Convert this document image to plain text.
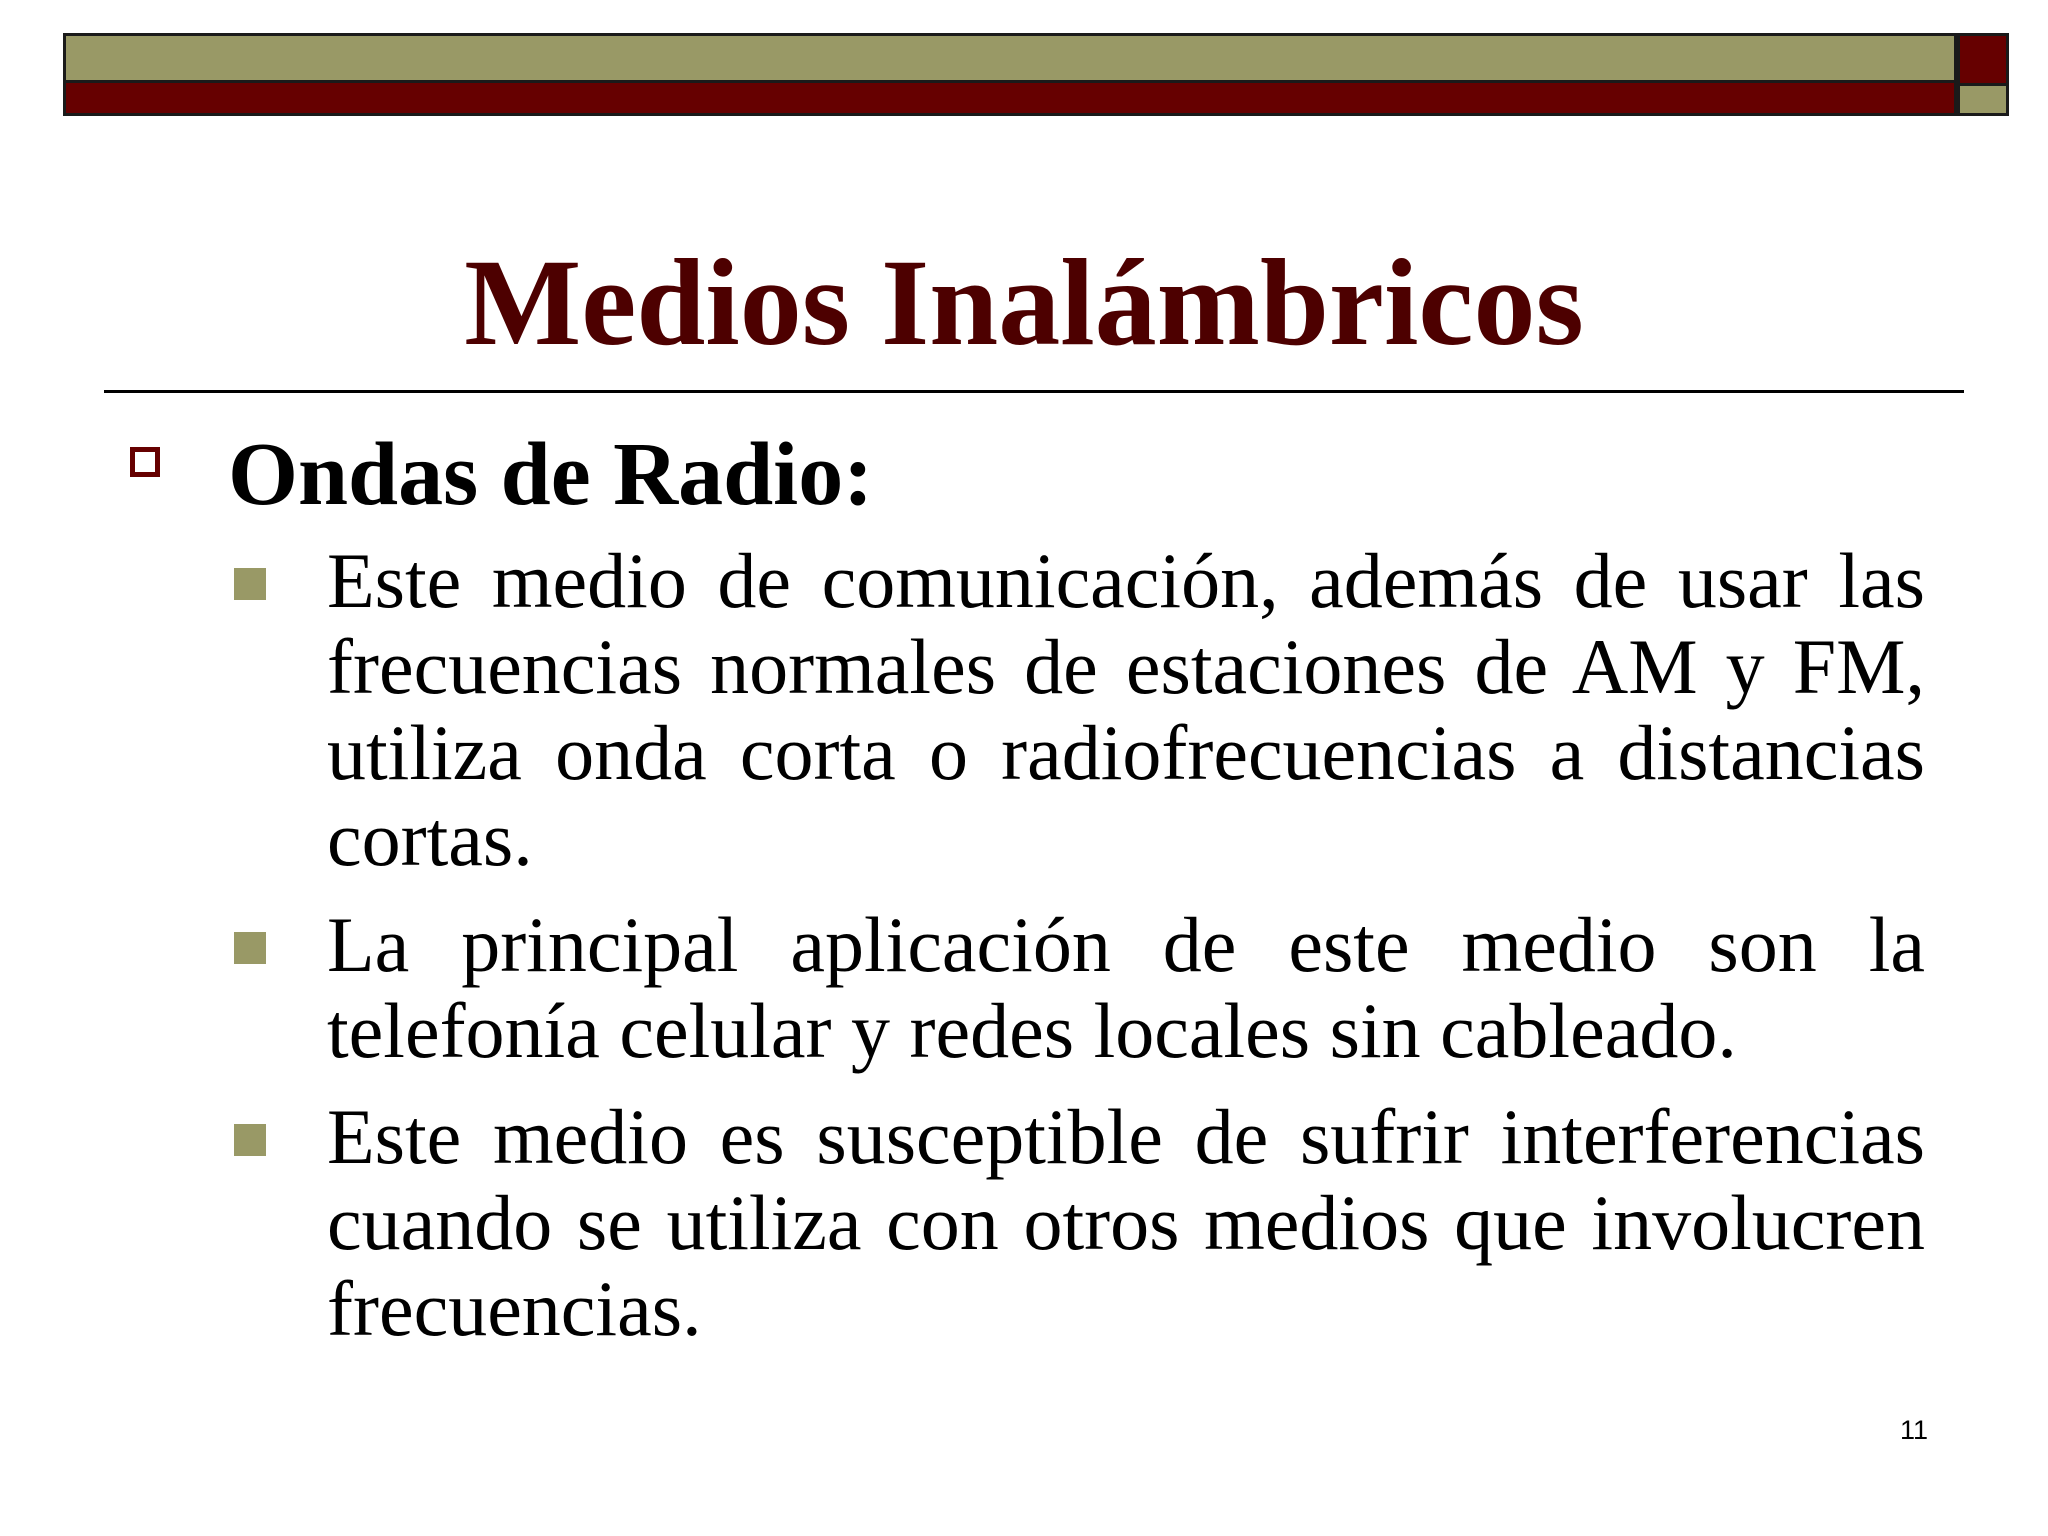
Medios Inalámbricos
Ondas de Radio:
Este medio de comunicación, además de usar las frecuencias normales de estaciones de AM y FM, utiliza onda corta o radiofrecuencias a distancias cortas.
La principal aplicación de este medio son la telefonía celular y redes locales sin cableado.
Este medio es susceptible de sufrir interferencias cuando se utiliza con otros medios que involucren frecuencias.
11
